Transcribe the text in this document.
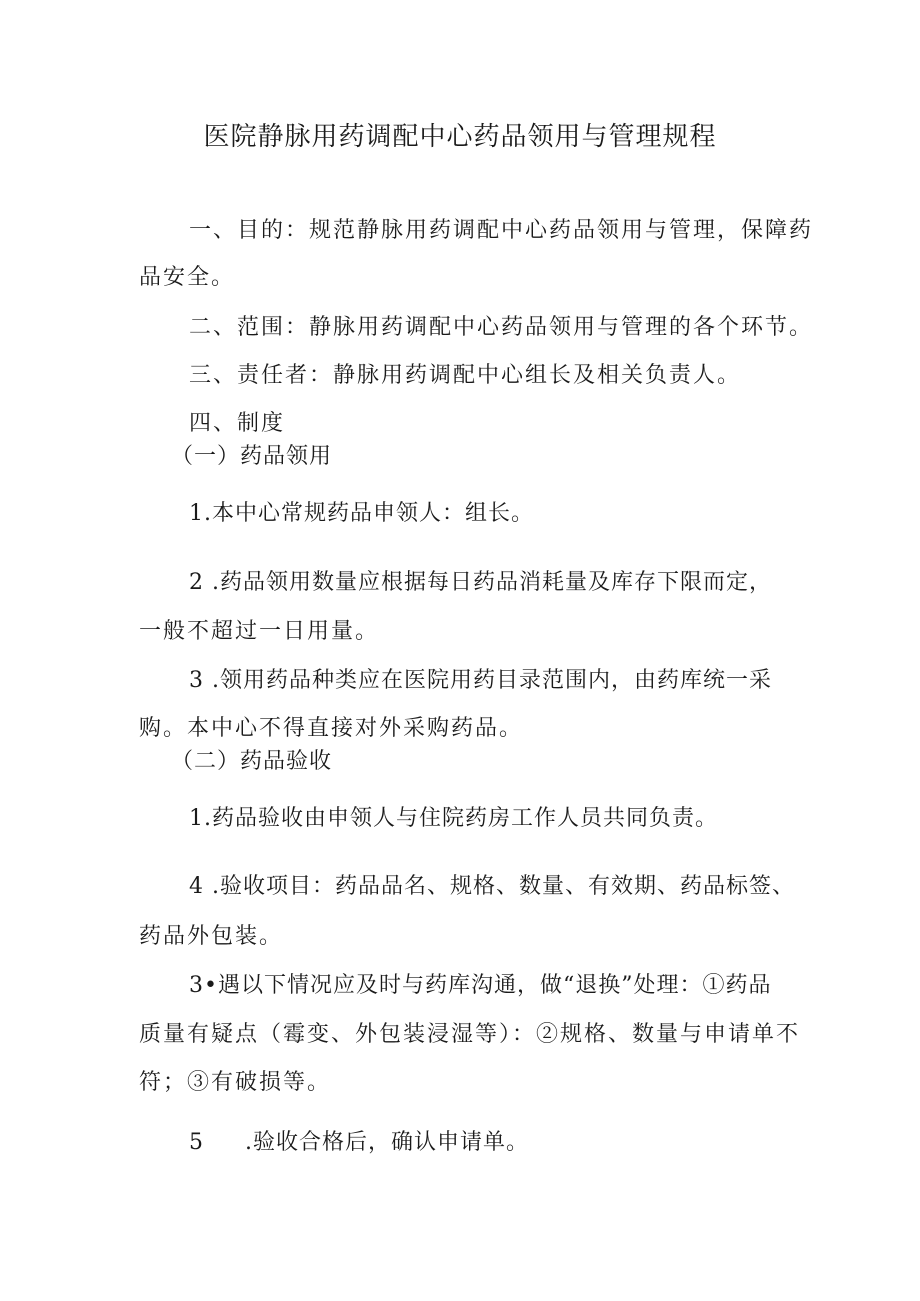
医院静脉用药调配中心药品领用与管理规程
一、目的：规范静脉用药调配中心药品领用与管理，保障药
品安全。
二、范围：静脉用药调配中心药品领用与管理的各个环节。
三、责任者：静脉用药调配中心组长及相关负责人。
四、制度
（一）药品领用
1.本中心常规药品申领人：组长。
2 .药品领用数量应根据每日药品消耗量及库存下限而定，
一般不超过一日用量。
3 .领用药品种类应在医院用药目录范围内，由药库统一采
购。本中心不得直接对外采购药品。
（二）药品验收
1.药品验收由申领人与住院药房工作人员共同负责。
4 .验收项目：药品品名、规格、数量、有效期、药品标签、
药品外包装。
3•遇以下情况应及时与药库沟通，做“退换”处理：①药品
质量有疑点（霉变、外包装浸湿等）：②规格、数量与申请单不
符；③有破损等。
5 .验收合格后，确认申请单。
